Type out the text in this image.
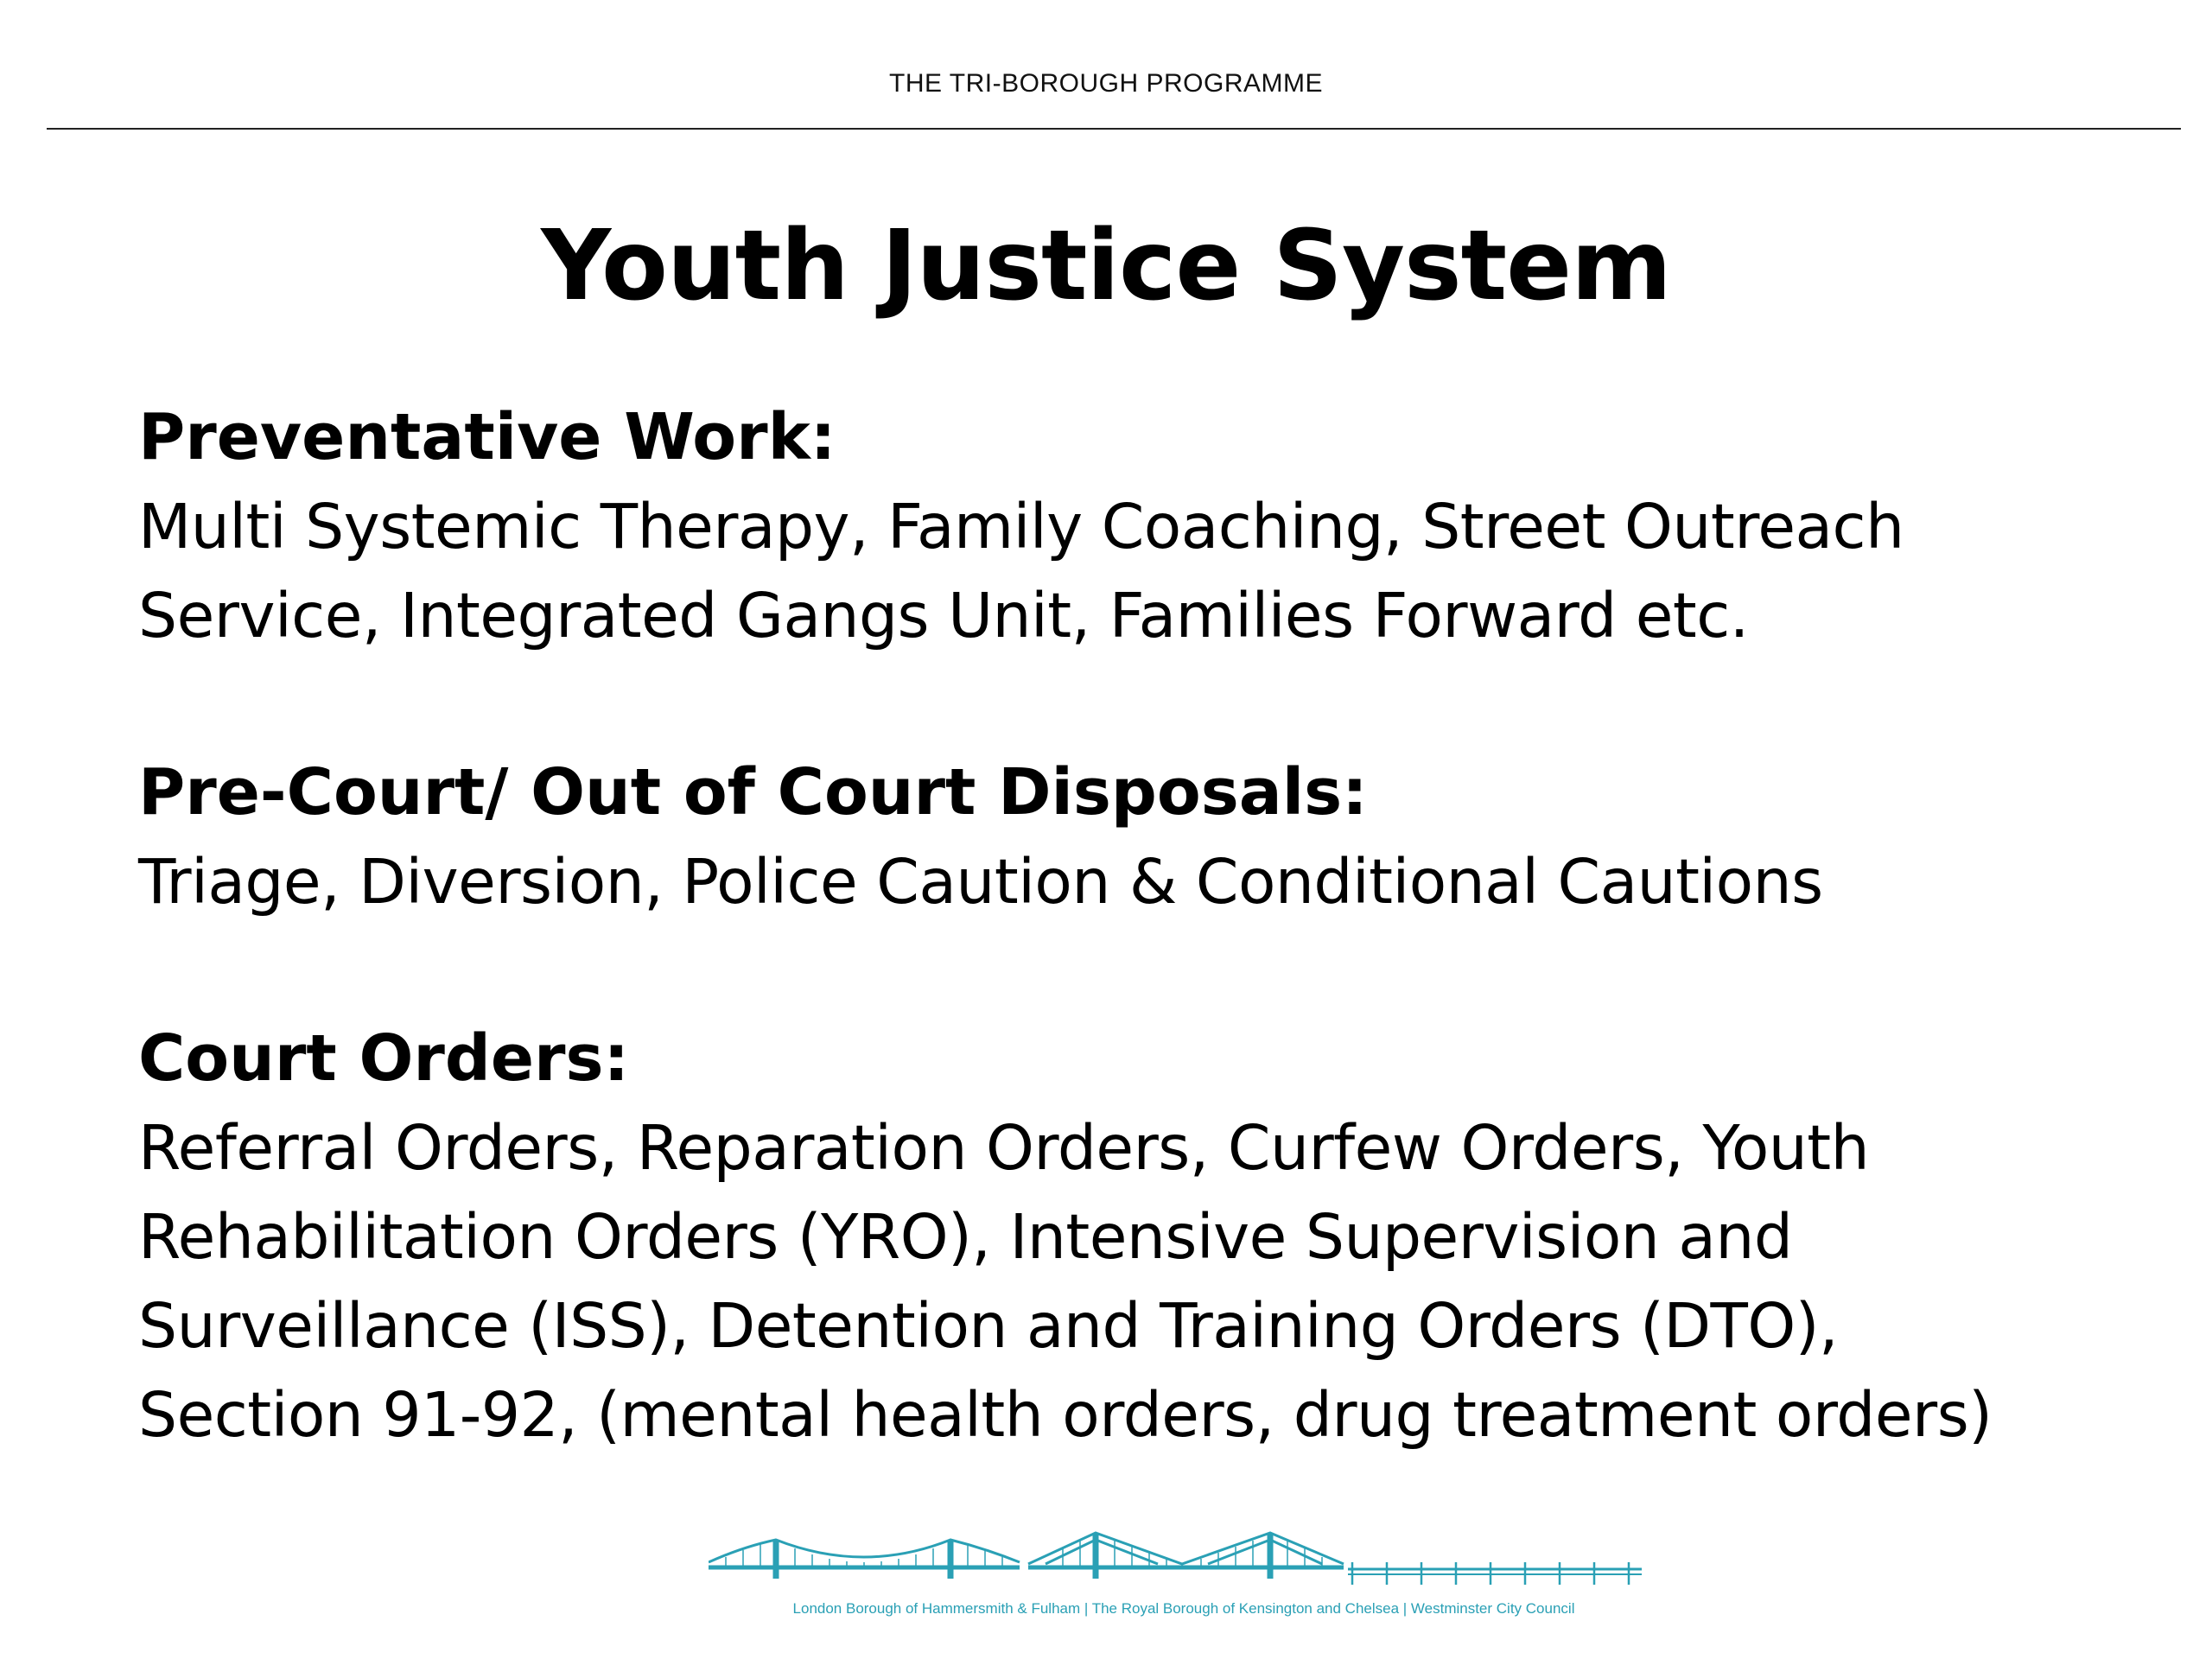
THE TRI-BOROUGH PROGRAMME
Youth Justice System

Preventative Work:

Multi Systemic Therapy, Family Coaching, Street Outreach
Service, Integrated Gangs Unit, Families Forward etc.

Pre-Court/ Out of Court Disposals:

Triage, Diversion, Police Caution & Conditional Cautions

Court Orders:

Referral Orders, Reparation Orders, Curfew Orders, Youth
Rehabilitation Orders (YRO), Intensive Supervision and
Surveillance (ISS), Detention and Training Orders (DTO),
Section 91-92, (mental health orders, drug treatment orders)

London Borough of Hammersmith & Fulham | The Royal Borough of Kensington and Chelsea | Westminster City Council
